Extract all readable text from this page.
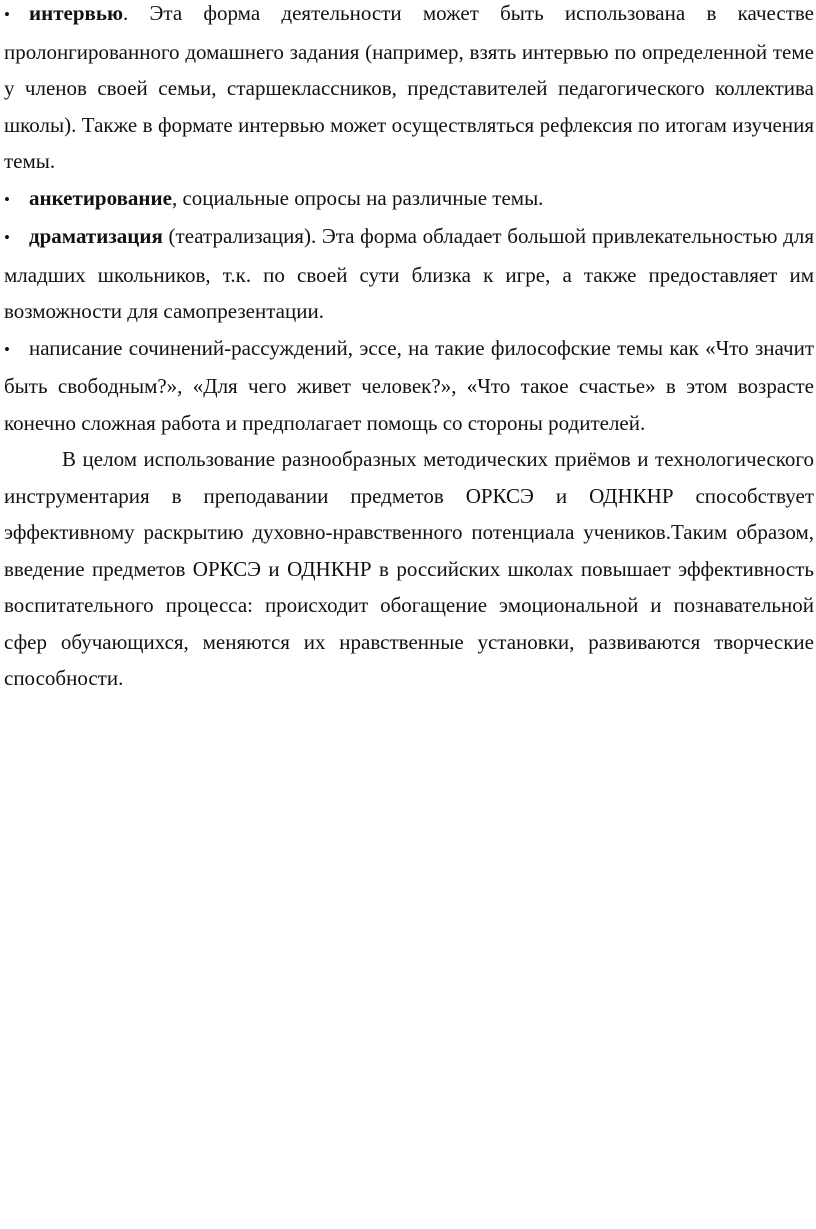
• интервью. Эта форма деятельности может быть использована в качестве пролонгированного домашнего задания (например, взять интервью по определенной теме у членов своей семьи, старшеклассников, представителей педагогического коллектива школы). Также в формате интервью может осуществляться рефлексия по итогам изучения темы.

• анкетирование, социальные опросы на различные темы.

• драматизация (театрализация). Эта форма обладает большой привлекательностью для младших школьников, т.к. по своей сути близка к игре, а также предоставляет им возможности для самопрезентации.

• написание сочинений-рассуждений, эссе, на такие философские темы как «Что значит быть свободным?», «Для чего живет человек?», «Что такое счастье» в этом возрасте конечно сложная работа и предполагает помощь со стороны родителей.

В целом использование разнообразных методических приёмов и технологического инструментария в преподавании предметов ОРКСЭ и ОДНКНР способствует эффективному раскрытию духовно-нравственного потенциала учеников.Таким образом, введение предметов ОРКСЭ и ОДНКНР в российских школах повышает эффективность воспитательного процесса: происходит обогащение эмоциональной и познавательной сфер обучающихся, меняются их нравственные установки, развиваются творческие способности.
